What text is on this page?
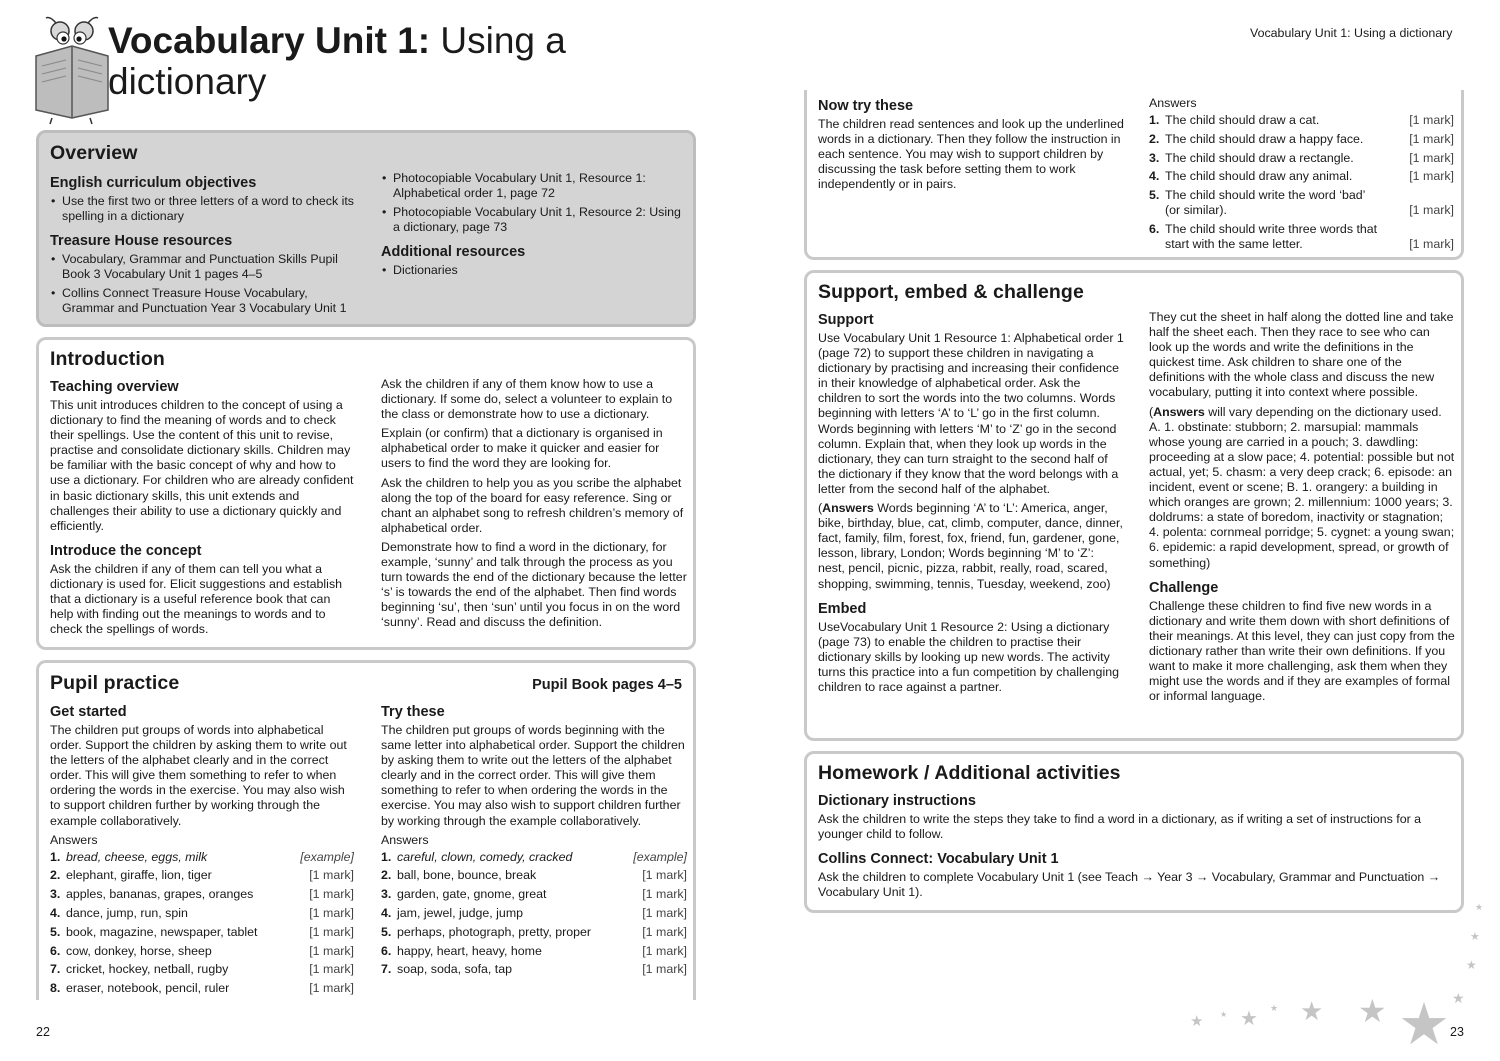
Vocabulary Unit 1: Using a
dictionary
Vocabulary Unit 1: Using a dictionary
Overview
English curriculum objectives
• Use the first two or three letters of a word to check its spelling in a dictionary
Treasure House resources
• Vocabulary, Grammar and Punctuation Skills Pupil Book 3 Vocabulary Unit 1 pages 4–5
• Collins Connect Treasure House Vocabulary, Grammar and Punctuation Year 3 Vocabulary Unit 1
• Photocopiable Vocabulary Unit 1, Resource 1: Alphabetical order 1, page 72
• Photocopiable Vocabulary Unit 1, Resource 2: Using a dictionary, page 73
Additional resources
• Dictionaries
Introduction
Teaching overview

This unit introduces children to the concept of using a dictionary to find the meaning of words and to check their spellings. Use the content of this unit to revise, practise and consolidate dictionary skills. Children may be familiar with the basic concept of why and how to use a dictionary. For children who are already confident in basic dictionary skills, this unit extends and challenges their ability to use a dictionary quickly and efficiently.

Introduce the concept

Ask the children if any of them can tell you what a dictionary is used for. Elicit suggestions and establish that a dictionary is a useful reference book that can help with finding out the meanings to words and to check the spellings of words.

Ask the children if any of them know how to use a dictionary. If some do, select a volunteer to explain to the class or demonstrate how to use a dictionary.

Explain (or confirm) that a dictionary is organised in alphabetical order to make it quicker and easier for users to find the word they are looking for.

Ask the children to help you as you scribe the alphabet along the top of the board for easy reference. Sing or chant an alphabet song to refresh children’s memory of alphabetical order.

Demonstrate how to find a word in the dictionary, for example, ‘sunny’ and talk through the process as you turn towards the end of the dictionary because the letter ‘s’ is towards the end of the alphabet. Then find words beginning ‘su’, then ‘sun’ until you focus in on the word ‘sunny’. Read and discuss the definition.

Pupil practice	Pupil Book pages 4–5
Get started

The children put groups of words into alphabetical order. Support the children by asking them to write out the letters of the alphabet clearly and in the correct order. This will give them something to refer to when ordering the words in the exercise. You may also wish to support children further by working through the example collaboratively.

Answers
1. bread, cheese, eggs, milk	[example]
2. elephant, giraffe, lion, tiger	[1 mark]
3. apples, bananas, grapes, oranges	[1 mark]
4. dance, jump, run, spin	[1 mark]
5. book, magazine, newspaper, tablet	[1 mark]
6. cow, donkey, horse, sheep	[1 mark]
7. cricket, hockey, netball, rugby	[1 mark]
8. eraser, notebook, pencil, ruler	[1 mark]
Try these

The children put groups of words beginning with the same letter into alphabetical order. Support the children by asking them to write out the letters of the alphabet clearly and in the correct order. This will give them something to refer to when ordering the words in the exercise. You may also wish to support children further by working through the example collaboratively.

Answers
1. careful, clown, comedy, cracked	[example]
2. ball, bone, bounce, break	[1 mark]
3. garden, gate, gnome, great	[1 mark]
4. jam, jewel, judge, jump	[1 mark]
5. perhaps, photograph, pretty, proper	[1 mark]
6. happy, heart, heavy, home	[1 mark]
7. soap, soda, sofa, tap	[1 mark]
Now try these

The children read sentences and look up the underlined words in a dictionary. Then they follow the instruction in each sentence. You may wish to support children by discussing the task before setting them to work independently or in pairs.

Answers
1. The child should draw a cat.	[1 mark]
2. The child should draw a happy face.	[1 mark]
3. The child should draw a rectangle.	[1 mark]
4. The child should draw any animal.	[1 mark]
5. The child should write the word ‘bad’ (or similar).	[1 mark]
6. The child should write three words that start with the same letter.	[1 mark]
Support, embed & challenge
Support

Use Vocabulary Unit 1 Resource 1: Alphabetical order 1 (page 72) to support these children in navigating a dictionary by practising and increasing their confidence in their knowledge of alphabetical order. Ask the children to sort the words into the two columns. Words beginning with letters ‘A’ to ‘L’ go in the first column. Words beginning with letters ‘M’ to ‘Z’ go in the second column. Explain that, when they look up words in the dictionary, they can turn straight to the second half of the dictionary if they know that the word belongs with a letter from the second half of the alphabet.

(Answers Words beginning ‘A’ to ‘L’: America, anger, bike, birthday, blue, cat, climb, computer, dance, dinner, fact, family, film, forest, fox, friend, fun, gardener, gone, lesson, library, London; Words beginning ‘M’ to ‘Z’: nest, pencil, picnic, pizza, rabbit, really, road, scared, shopping, swimming, tennis, Tuesday, weekend, zoo)

Embed

UseVocabulary Unit 1 Resource 2: Using a dictionary (page 73) to enable the children to practise their dictionary skills by looking up new words. The activity turns this practice into a fun competition by challenging children to race against a partner.

They cut the sheet in half along the dotted line and take half the sheet each. Then they race to see who can look up the words and write the definitions in the quickest time. Ask children to share one of the definitions with the whole class and discuss the new vocabulary, putting it into context where possible.

(Answers will vary depending on the dictionary used. A. 1. obstinate: stubborn; 2. marsupial: mammals whose young are carried in a pouch; 3. dawdling: proceeding at a slow pace; 4. potential: possible but not actual, yet; 5. chasm: a very deep crack; 6. episode: an incident, event or scene; B. 1. orangery: a building in which oranges are grown; 2. millennium: 1000 years; 3. doldrums: a state of boredom, inactivity or stagnation; 4. polenta: cornmeal porridge; 5. cygnet: a young swan; 6. epidemic: a rapid development, spread, or growth of something)

Challenge

Challenge these children to find five new words in a dictionary and write them down with short definitions of their meanings. At this level, they can just copy from the dictionary rather than write their own definitions. If you want to make it more challenging, ask them when they might use the words and if they are examples of formal or informal language.

Homework / Additional activities
Dictionary instructions

Ask the children to write the steps they take to find a word in a dictionary, as if writing a set of instructions for a younger child to follow.

Collins Connect: Vocabulary Unit 1

Ask the children to complete Vocabulary Unit 1 (see Teach → Year 3 → Vocabulary, Grammar and Punctuation → Vocabulary Unit 1).

★
★
★
★
★
★
★
★
★
★
★
22	23
